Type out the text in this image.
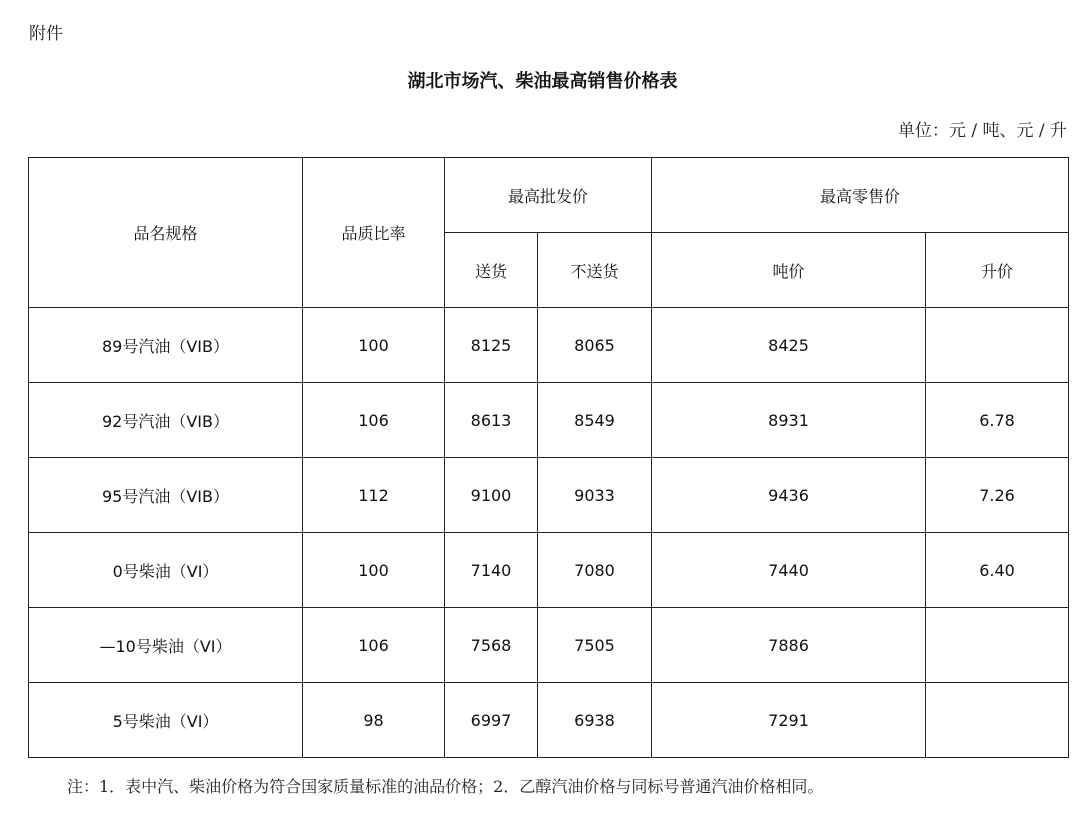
附件
湖北市场汽、柴油最高销售价格表
单位：元 / 吨、元 / 升
品名规格	品质比率	最高批发价		最高零售价	
		送货	不送货	吨价	升价
89号汽油（VIB）	100	8125	8065	8425	
92号汽油（VIB）	106	8613	8549	8931	6.78
95号汽油（VIB）	112	9100	9033	9436	7.26
0号柴油（VI）	100	7140	7080	7440	6.40
—10号柴油（VI）	106	7568	7505	7886	
5号柴油（VI）	98	6997	6938	7291	
注：1．表中汽、柴油价格为符合国家质量标准的油品价格；2．乙醇汽油价格与同标号普通汽油价格相同。
